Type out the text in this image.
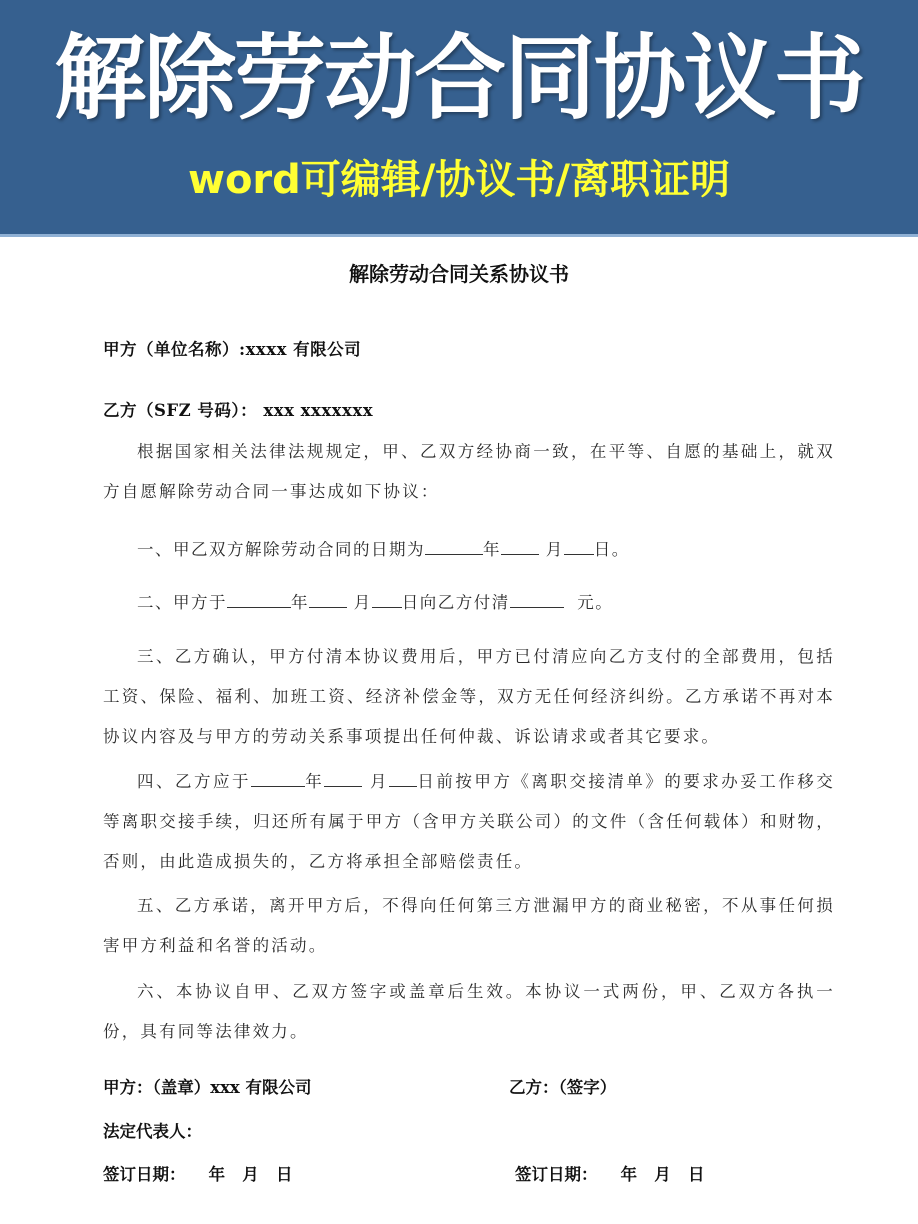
解除劳动合同协议书
word可编辑/协议书/离职证明
解除劳动合同关系协议书
甲方（单位名称）:xxxx 有限公司
乙方（SFZ 号码）： xxx xxxxxxx
根据国家相关法律法规规定，甲、乙双方经协商一致，在平等、自愿的基础上，就双方自愿解除劳动合同一事达成如下协议：
一、甲乙双方解除劳动合同的日期为	年	月 日。
二、甲方于	年	月 日向乙方付清	元。
三、乙方确认，甲方付清本协议费用后，甲方已付清应向乙方支付的全部费用，包括工资、保险、福利、加班工资、经济补偿金等，双方无任何经济纠纷。乙方承诺不再对本协议内容及与甲方的劳动关系事项提出任何仲裁、诉讼请求或者其它要求。
四、乙方应于	年	月 日前按甲方《离职交接清单》的要求办妥工作移交等离职交接手续，归还所有属于甲方（含甲方关联公司）的文件（含任何载体）和财物，否则，由此造成损失的，乙方将承担全部赔偿责任。
五、乙方承诺，离开甲方后，不得向任何第三方泄漏甲方的商业秘密，不从事任何损害甲方利益和名誉的活动。
六、本协议自甲、乙双方签字或盖章后生效。本协议一式两份，甲、乙双方各执一份，具有同等法律效力。
甲方：（盖章）xxx 有限公司	乙方：（签字）
法定代表人：
签订日期：    年   月   日	签订日期：    年   月   日
